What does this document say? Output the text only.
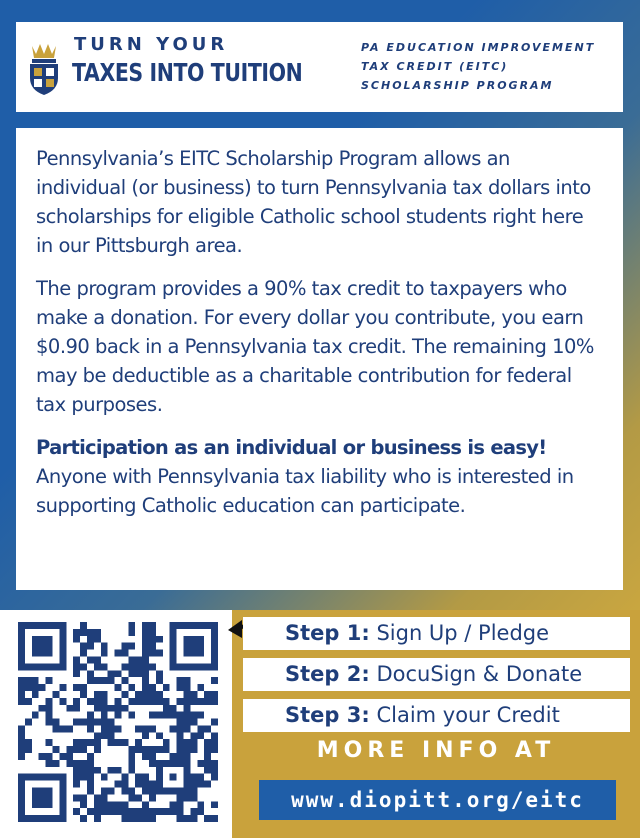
TURN YOUR
TAXES INTO TUITION
PA EDUCATION IMPROVEMENT
TAX CREDIT (EITC)
SCHOLARSHIP PROGRAM

Pennsylvania’s EITC Scholarship Program allows an individual (or business) to turn Pennsylvania tax dollars into scholarships for eligible Catholic school students right here in our Pittsburgh area.

The program provides a 90% tax credit to taxpayers who make a donation. For every dollar you contribute, you earn $0.90 back in a Pennsylvania tax credit. The remaining 10% may be deductible as a charitable contribution for federal tax purposes.

Participation as an individual or business is easy!
Anyone with Pennsylvania tax liability who is interested in supporting Catholic education can participate.

Step 1: Sign Up / Pledge
Step 2: DocuSign & Donate
Step 3: Claim your Credit
MORE INFO AT
www.diopitt.org/eitc
